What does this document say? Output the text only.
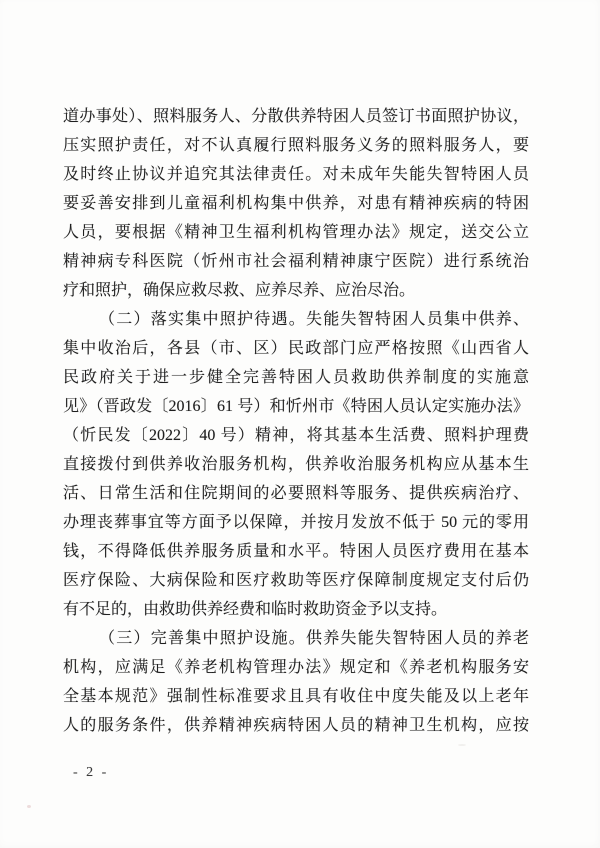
道办事处）、照料服务人、分散供养特困人员签订书面照护协议，
压实照护责任，对不认真履行照料服务义务的照料服务人，要
及时终止协议并追究其法律责任。对未成年失能失智特困人员
要妥善安排到儿童福利机构集中供养，对患有精神疾病的特困
人员，要根据《精神卫生福利机构管理办法》规定，送交公立
精神病专科医院（忻州市社会福利精神康宁医院）进行系统治
疗和照护，确保应救尽救、应养尽养、应治尽治。
（二）落实集中照护待遇。失能失智特困人员集中供养、
集中收治后，各县（市、区）民政部门应严格按照《山西省人
民政府关于进一步健全完善特困人员救助供养制度的实施意
见》（晋政发〔2016〕61 号）和忻州市《特困人员认定实施办法》
（忻民发〔2022〕40 号）精神，将其基本生活费、照料护理费
直接拨付到供养收治服务机构，供养收治服务机构应从基本生
活、日常生活和住院期间的必要照料等服务、提供疾病治疗、
办理丧葬事宜等方面予以保障，并按月发放不低于 50 元的零用
钱，不得降低供养服务质量和水平。特困人员医疗费用在基本
医疗保险、大病保险和医疗救助等医疗保障制度规定支付后仍
有不足的，由救助供养经费和临时救助资金予以支持。
（三）完善集中照护设施。供养失能失智特困人员的养老
机构，应满足《养老机构管理办法》规定和《养老机构服务安
全基本规范》强制性标准要求且具有收住中度失能及以上老年
人的服务条件，供养精神疾病特困人员的精神卫生机构，应按
- 2 -
